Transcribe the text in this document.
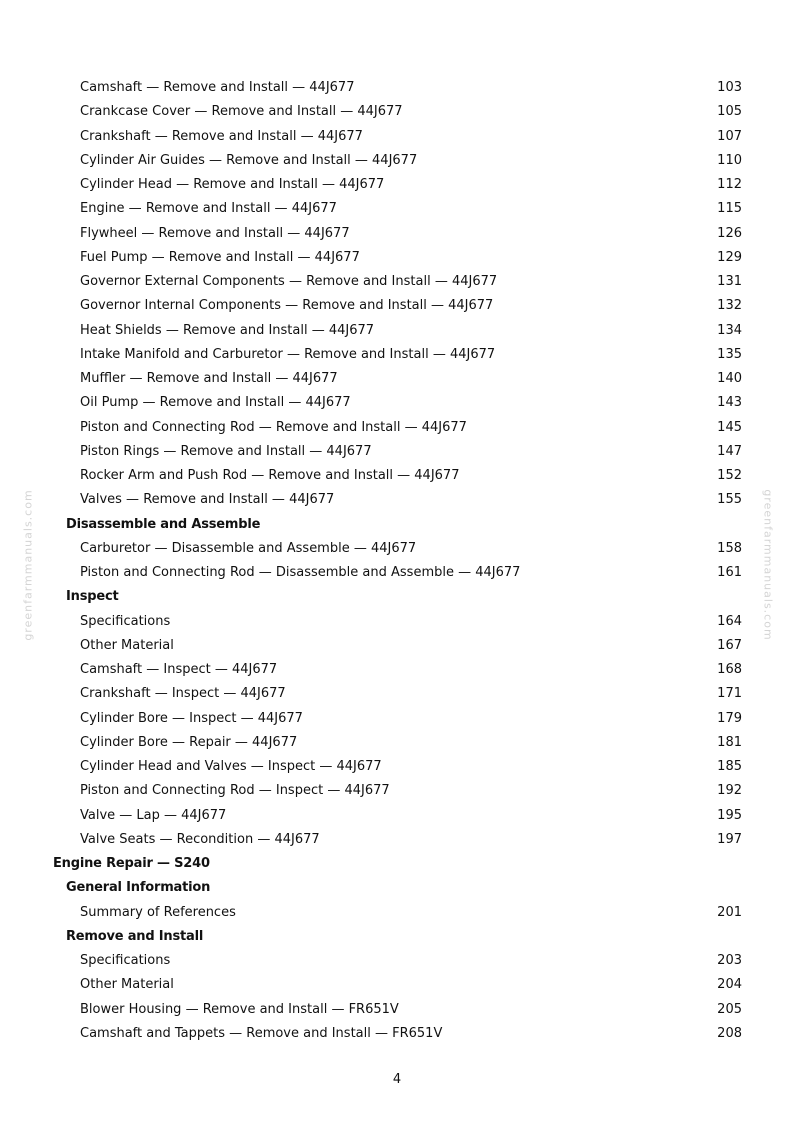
Camshaft — Remove and Install — 44J677	103
Crankcase Cover — Remove and Install — 44J677	105
Crankshaft — Remove and Install — 44J677	107
Cylinder Air Guides — Remove and Install — 44J677	110
Cylinder Head — Remove and Install — 44J677	112
Engine — Remove and Install — 44J677	115
Flywheel — Remove and Install — 44J677	126
Fuel Pump — Remove and Install — 44J677	129
Governor External Components — Remove and Install — 44J677	131
Governor Internal Components — Remove and Install — 44J677	132
Heat Shields — Remove and Install — 44J677	134
Intake Manifold and Carburetor — Remove and Install — 44J677	135
Muffler — Remove and Install — 44J677	140
Oil Pump — Remove and Install — 44J677	143
Piston and Connecting Rod — Remove and Install — 44J677	145
Piston Rings — Remove and Install — 44J677	147
Rocker Arm and Push Rod — Remove and Install — 44J677	152
Valves — Remove and Install — 44J677	155
Disassemble and Assemble
Carburetor — Disassemble and Assemble — 44J677	158
Piston and Connecting Rod — Disassemble and Assemble — 44J677	161
Inspect
Specifications	164
Other Material	167
Camshaft — Inspect — 44J677	168
Crankshaft — Inspect — 44J677	171
Cylinder Bore — Inspect — 44J677	179
Cylinder Bore — Repair — 44J677	181
Cylinder Head and Valves — Inspect — 44J677	185
Piston and Connecting Rod — Inspect — 44J677	192
Valve — Lap — 44J677	195
Valve Seats — Recondition — 44J677	197
Engine Repair — S240
General Information
Summary of References	201
Remove and Install
Specifications	203
Other Material	204
Blower Housing — Remove and Install — FR651V	205
Camshaft and Tappets — Remove and Install — FR651V	208
greenfarmmanuals.com	greenfarmmanuals.com
4
